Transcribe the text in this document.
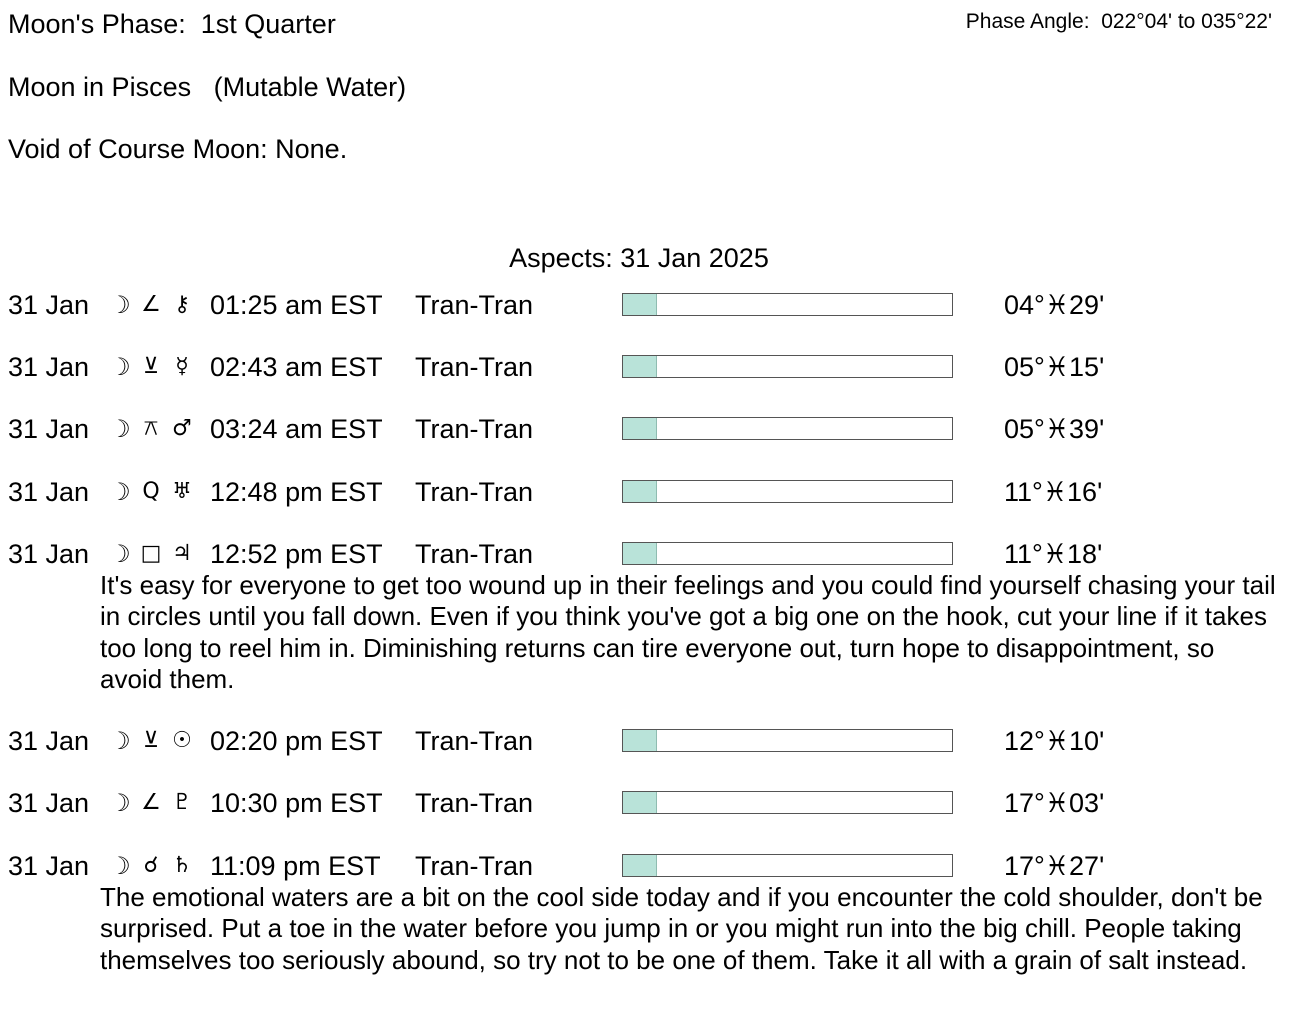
Moon's Phase:  1st Quarter	Phase Angle:  022°04' to 035°22'
Moon in Pisces   (Mutable Water)
Void of Course Moon: None.
Aspects: 31 Jan 2025
31 Jan ☽ ∠ ⚷ 01:25 am EST Tran-Tran	04°♓29'
31 Jan ☽ ⊻ ☿ 02:43 am EST Tran-Tran	05°♓15'
31 Jan ☽ ⚻ ♂ 03:24 am EST Tran-Tran	05°♓39'
31 Jan ☽ Q ♅ 12:48 pm EST Tran-Tran	11°♓16'
31 Jan ☽ □ ♃ 12:52 pm EST Tran-Tran	11°♓18'

It's easy for everyone to get too wound up in their feelings and you could find yourself chasing your tail in circles until you fall down. Even if you think you've got a big one on the hook, cut your line if it takes too long to reel him in. Diminishing returns can tire everyone out, turn hope to disappointment, so avoid them.

31 Jan ☽ ⊻ ☉ 02:20 pm EST Tran-Tran	12°♓10'
31 Jan ☽ ∠ ♇ 10:30 pm EST Tran-Tran	17°♓03'
31 Jan ☽ ☌ ♄ 11:09 pm EST Tran-Tran	17°♓27'

The emotional waters are a bit on the cool side today and if you encounter the cold shoulder, don't be surprised. Put a toe in the water before you jump in or you might run into the big chill. People taking themselves too seriously abound, so try not to be one of them. Take it all with a grain of salt instead.
